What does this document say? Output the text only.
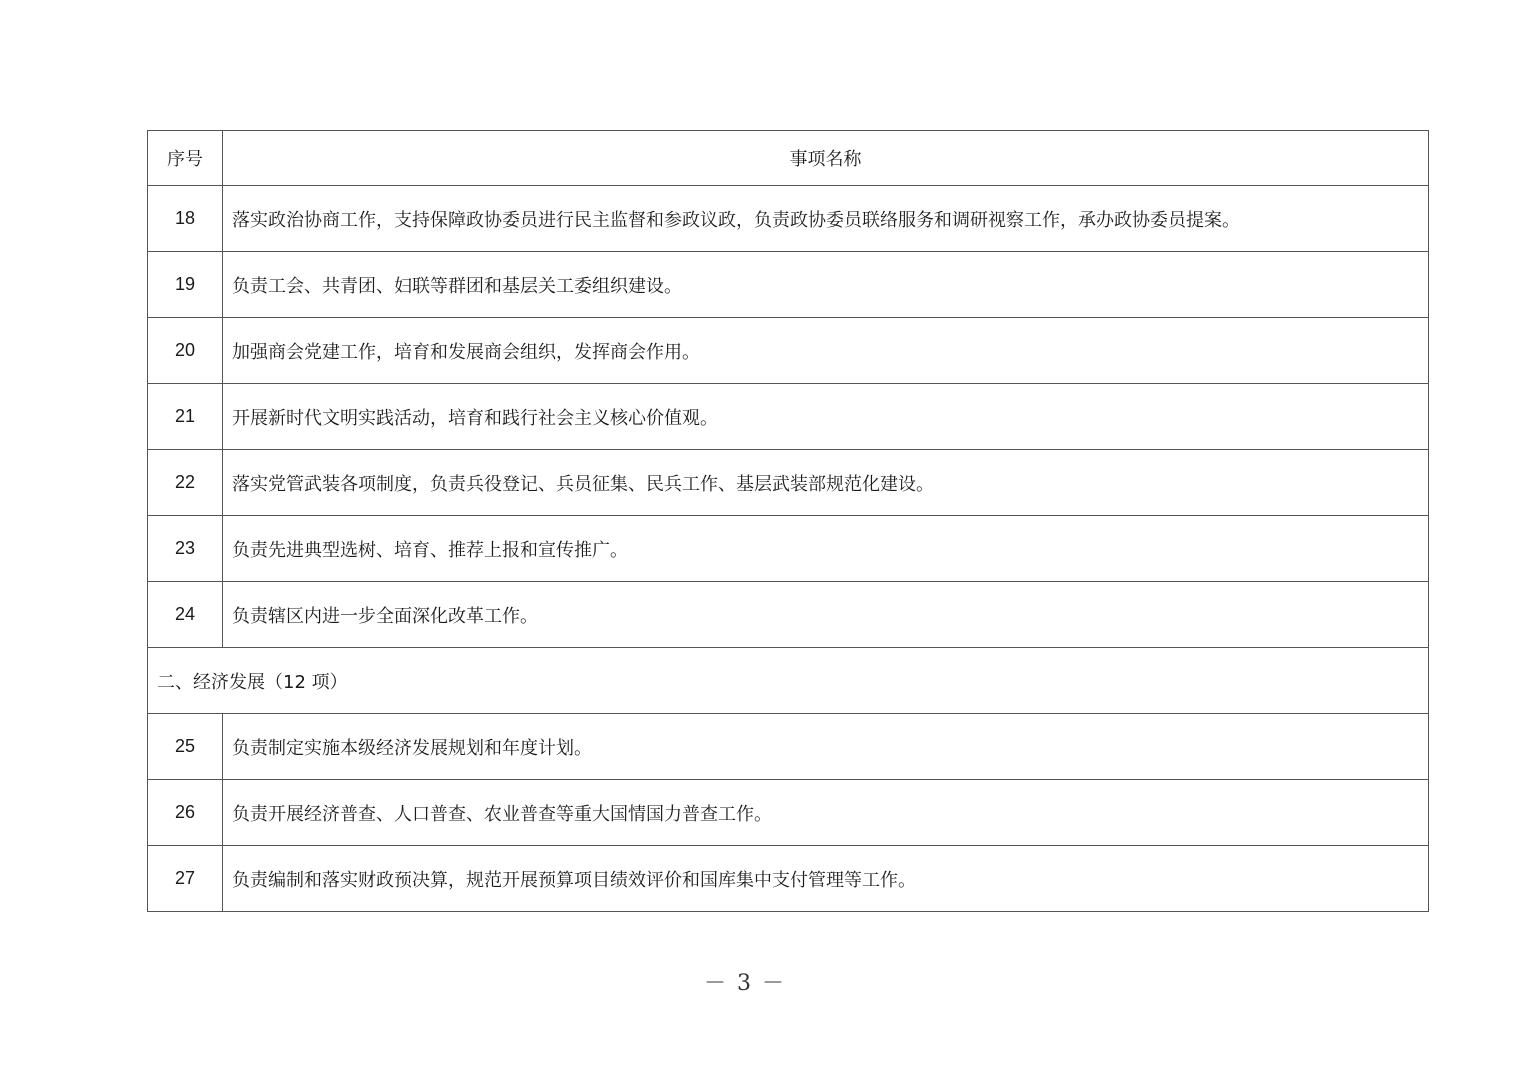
序号	事项名称
18	落实政治协商工作，支持保障政协委员进行民主监督和参政议政，负责政协委员联络服务和调研视察工作，承办政协委员提案。
19	负责工会、共青团、妇联等群团和基层关工委组织建设。
20	加强商会党建工作，培育和发展商会组织，发挥商会作用。
21	开展新时代文明实践活动，培育和践行社会主义核心价值观。
22	落实党管武装各项制度，负责兵役登记、兵员征集、民兵工作、基层武装部规范化建设。
23	负责先进典型选树、培育、推荐上报和宣传推广。
24	负责辖区内进一步全面深化改革工作。
二、经济发展（12 项）	
25	负责制定实施本级经济发展规划和年度计划。
26	负责开展经济普查、人口普查、农业普查等重大国情国力普查工作。
27	负责编制和落实财政预决算，规范开展预算项目绩效评价和国库集中支付管理等工作。
－ 3 －
